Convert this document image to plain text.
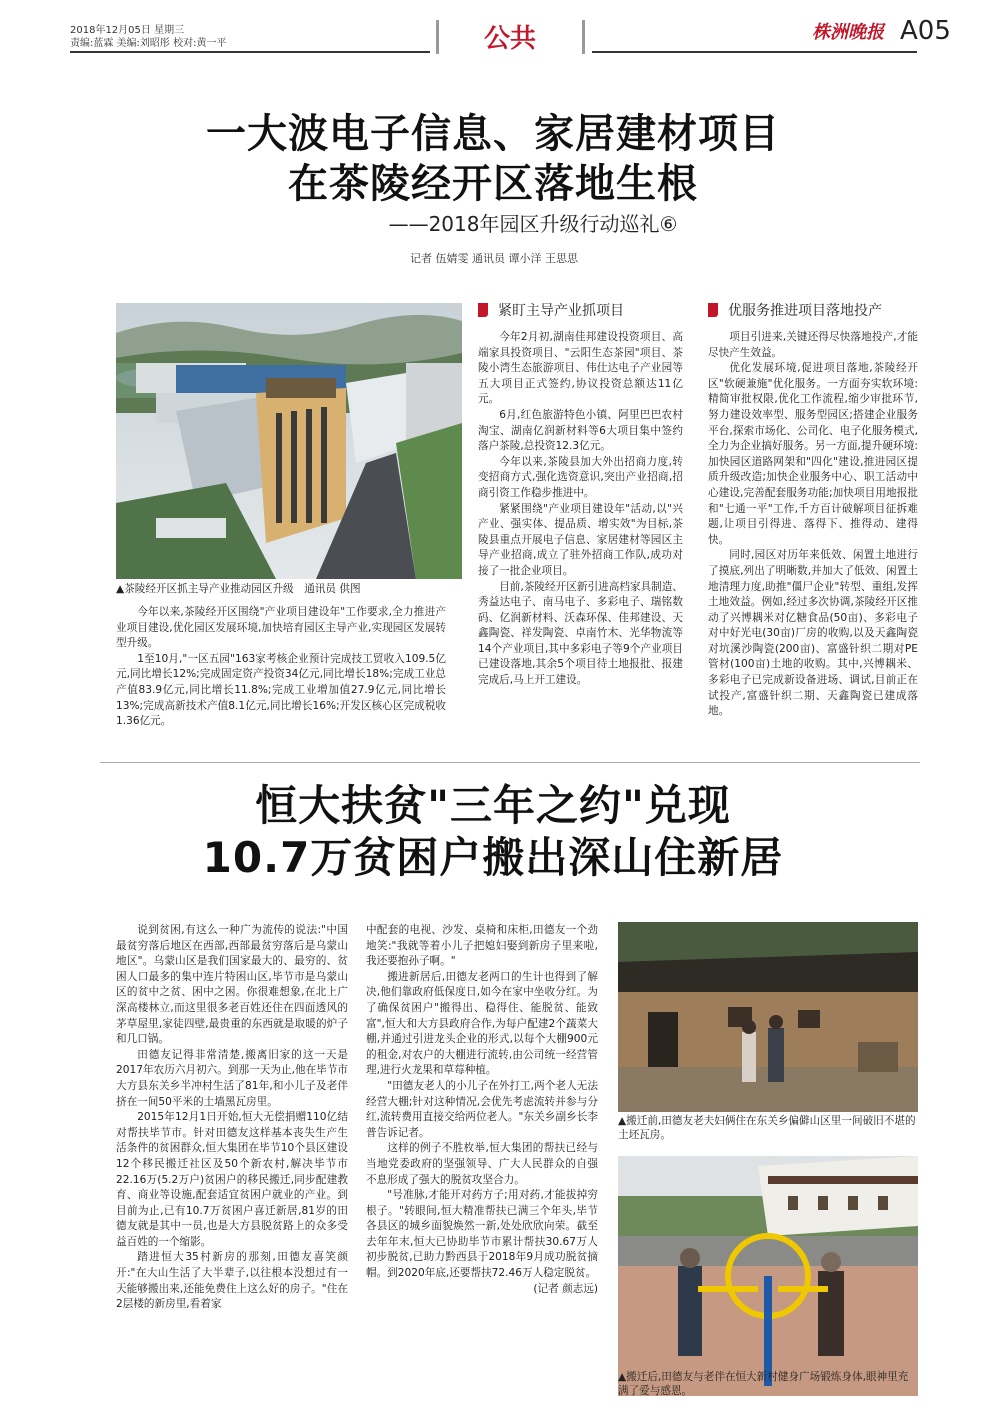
2018年12月05日 星期三
责编:蓝霖 美编:刘昭彤 校对:黄一平	公共	株洲晚报 A05
一大波电子信息、家居建材项目
在茶陵经开区落地生根
——2018年园区升级行动巡礼⑥
记者 伍婧雯 通讯员 谭小洋 王思思
▲茶陵经开区抓主导产业推动园区升级　通讯员 供图

今年以来,茶陵经开区围绕"产业项目建设年"工作要求,全力推进产业项目建设,优化园区发展环境,加快培育园区主导产业,实现园区发展转型升级。

1至10月,"一区五园"163家考核企业预计完成技工贸收入109.5亿元,同比增长12%;完成固定资产投资34亿元,同比增长18%;完成工业总产值83.9亿元,同比增长11.8%;完成工业增加值27.9亿元,同比增长13%;完成高新技术产值8.1亿元,同比增长16%;开发区核心区完成税收1.36亿元。

紧盯主导产业抓项目

今年2月初,湖南佳邦建设投资项目、高端家具投资项目、"云阳生态茶园"项目、茶陵小湾生态旅游项目、伟仕达电子产业园等五大项目正式签约,协议投资总额达11亿元。

6月,红色旅游特色小镇、阿里巴巴农村淘宝、湖南亿润新材料等6大项目集中签约落户茶陵,总投资12.3亿元。

今年以来,茶陵县加大外出招商力度,转变招商方式,强化选资意识,突出产业招商,招商引资工作稳步推进中。

紧紧围绕"产业项目建设年"活动,以"兴产业、强实体、提品质、增实效"为目标,茶陵县重点开展电子信息、家居建材等园区主导产业招商,成立了驻外招商工作队,成功对接了一批企业项目。

目前,茶陵经开区新引进高档家具制造、秀益达电子、南马电子、多彩电子、瑞铭数码、亿润新材料、沃森环保、佳邦建设、天鑫陶瓷、祥发陶瓷、卓南竹木、光华物流等14个产业项目,其中多彩电子等9个产业项目已建设落地,其余5个项目待土地报批、报建完成后,马上开工建设。

优服务推进项目落地投产

项目引进来,关键还得尽快落地投产,才能尽快产生效益。

优化发展环境,促进项目落地,茶陵经开区"软硬兼施"优化服务。一方面夯实软环境:精简审批权限,优化工作流程,缩少审批环节,努力建设效率型、服务型园区;搭建企业服务平台,探索市场化、公司化、电子化服务模式,全力为企业搞好服务。另一方面,提升硬环境:加快园区道路网架和"四化"建设,推进园区提质升级改造;加快企业服务中心、职工活动中心建设,完善配套服务功能;加快项目用地报批和"七通一平"工作,千方百计破解项目征拆难题,让项目引得进、落得下、推得动、建得快。

同时,园区对历年来低效、闲置土地进行了摸底,列出了明晰数,并加大了低效、闲置土地清理力度,助推"僵尸企业"转型、重组,发挥土地效益。例如,经过多次协调,茶陵经开区推动了兴博耦米对亿糖食品(50亩)、多彩电子对中好光电(30亩)厂房的收购,以及天鑫陶瓷对坑溪沙陶瓷(200亩)、富盛针织二期对PE管材(100亩)土地的收购。其中,兴博耦米、多彩电子已完成新设备进场、调试,目前正在试投产,富盛针织二期、天鑫陶瓷已建成落地。

恒大扶贫"三年之约"兑现
10.7万贫困户搬出深山住新居

说到贫困,有这么一种广为流传的说法:"中国最贫穷落后地区在西部,西部最贫穷落后是乌蒙山地区"。乌蒙山区是我们国家最大的、最穷的、贫困人口最多的集中连片特困山区,毕节市是乌蒙山区的贫中之贫、困中之困。你很难想象,在北上广深高楼林立,而这里很多老百姓还住在四面透风的茅草屋里,家徒四壁,最贵重的东西就是取暖的炉子和几口锅。

田德友记得非常清楚,搬离旧家的这一天是2017年农历六月初六。到那一天为止,他在毕节市大方县东关乡半冲村生活了81年,和小儿子及老伴挤在一间50平米的土墙黑瓦房里。

2015年12月1日开始,恒大无偿捐赠110亿结对帮扶毕节市。针对田德友这样基本丧失生产生活条件的贫困群众,恒大集团在毕节10个县区建设12个移民搬迁社区及50个新农村,解决毕节市22.16万(5.2万户)贫困户的移民搬迁,同步配建教育、商业等设施,配套适宜贫困户就业的产业。到目前为止,已有10.7万贫困户喜迁新居,81岁的田德友就是其中一员,也是大方县脱贫路上的众多受益百姓的一个缩影。

踏进恒大35村新房的那刻,田德友喜笑颜开:"在大山生活了大半辈子,以往根本没想过有一天能够搬出来,还能免费住上这么好的房子。"住在2层楼的新房里,看着家

中配套的电视、沙发、桌椅和床柜,田德友一个劲地笑:"我就等着小儿子把媳妇娶到新房子里来啦,我还要抱孙子啊。"

搬进新居后,田德友老两口的生计也得到了解决,他们靠政府低保度日,如今在家中坐收分红。为了确保贫困户"搬得出、稳得住、能脱贫、能致富",恒大和大方县政府合作,为每户配建2个蔬菜大棚,并通过引进龙头企业的形式,以每个大棚900元的租金,对农户的大棚进行流转,由公司统一经营管理,进行火龙果和草莓种植。

"田德友老人的小儿子在外打工,两个老人无法经营大棚;针对这种情况,会优先考虑流转并参与分红,流转费用直接交给两位老人。"东关乡副乡长李普告诉记者。

这样的例子不胜枚举,恒大集团的帮扶已经与当地党委政府的坚强领导、广大人民群众的自强不息形成了强大的脱贫攻坚合力。

"号准脉,才能开对药方子;用对药,才能拔掉穷根子。"转眼间,恒大精准帮扶已满三个年头,毕节各县区的城乡面貌焕然一新,处处欣欣向荣。截至去年年末,恒大已协助毕节市累计帮扶30.67万人初步脱贫,已助力黔西县于2018年9月成功脱贫摘帽。到2020年底,还要帮扶72.46万人稳定脱贫。

(记者 颜志远)

▲搬迁前,田德友老夫妇俩住在东关乡偏僻山区里一间破旧不堪的土坯瓦房。
▲搬迁后,田德友与老伴在恒大新村健身广场锻炼身体,眼神里充满了爱与感恩。
